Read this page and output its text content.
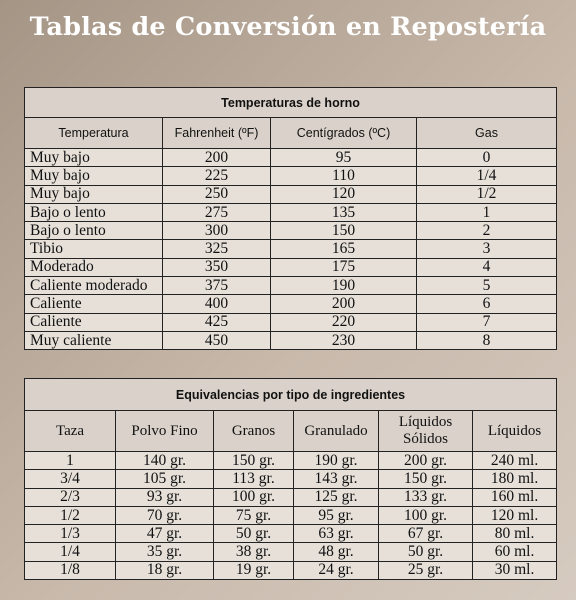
Tablas de Conversión en Repostería
Temperaturas de horno			
Temperatura	Fahrenheit (ºF)	Centígrados (ºC)	Gas
Muy bajo	200	95	0
Muy bajo	225	110	1/4
Muy bajo	250	120	1/2
Bajo o lento	275	135	1
Bajo o lento	300	150	2
Tibio	325	165	3
Moderado	350	175	4
Caliente moderado	375	190	5
Caliente	400	200	6
Caliente	425	220	7
Muy caliente	450	230	8
Equivalencias por tipo de ingredientes					
Taza	Polvo Fino	Granos	Granulado	Líquidos Sólidos	Líquidos
1	140 gr.	150 gr.	190 gr.	200 gr.	240 ml.
3/4	105 gr.	113 gr.	143 gr.	150 gr.	180 ml.
2/3	93 gr.	100 gr.	125 gr.	133 gr.	160 ml.
1/2	70 gr.	75 gr.	95 gr.	100 gr.	120 ml.
1/3	47 gr.	50 gr.	63 gr.	67 gr.	80 ml.
1/4	35 gr.	38 gr.	48 gr.	50 gr.	60 ml.
1/8	18 gr.	19 gr.	24 gr.	25 gr.	30 ml.
